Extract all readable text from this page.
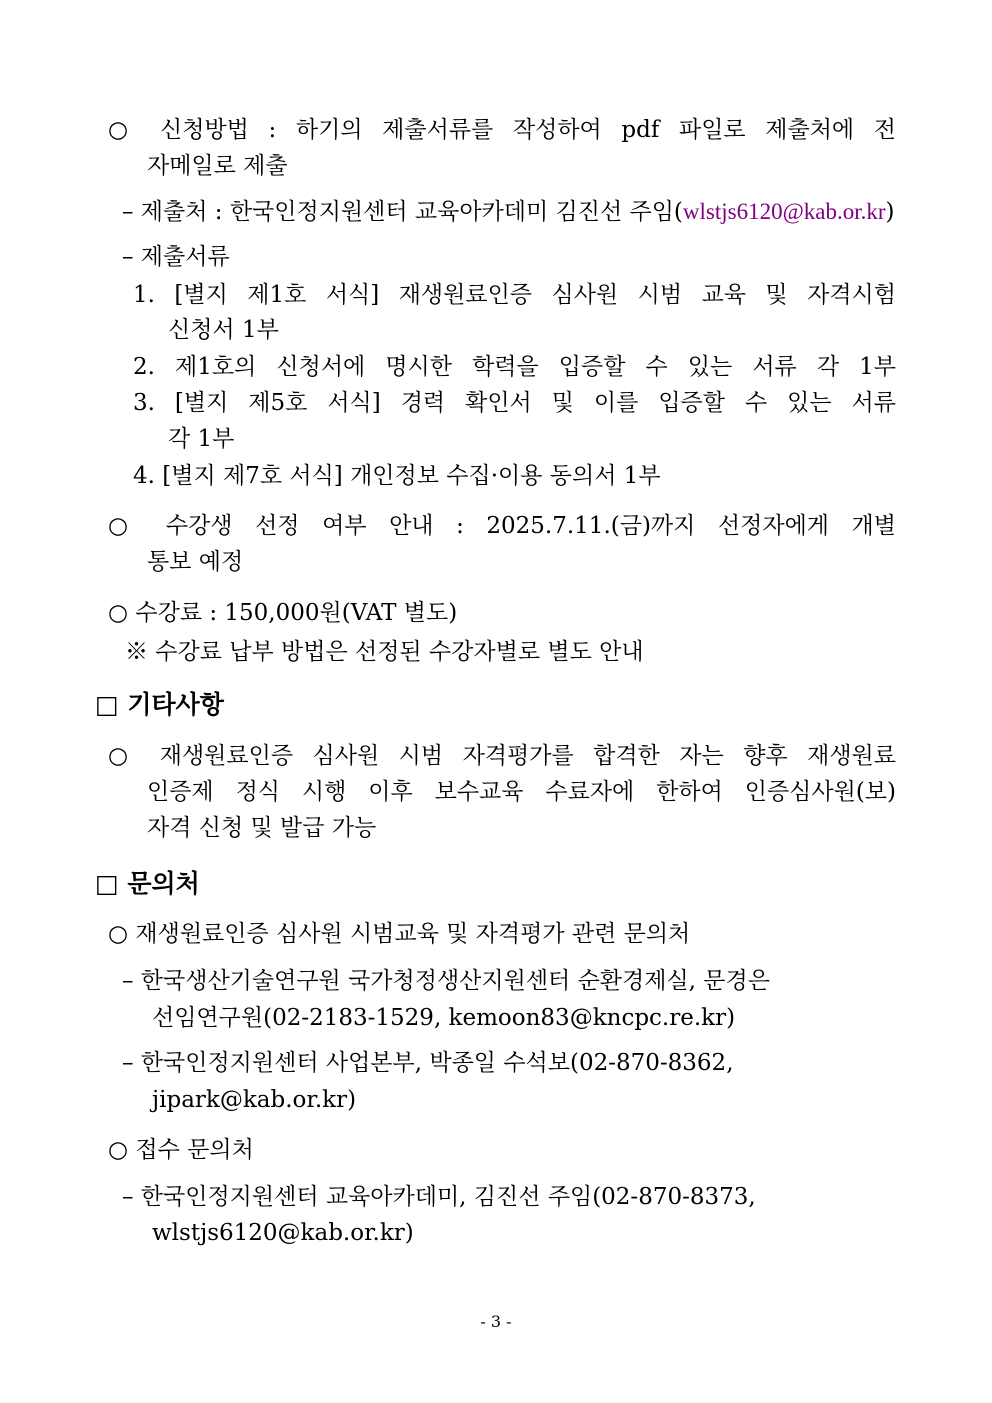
○ 신청방법 : 하기의 제출서류를 작성하여 pdf 파일로 제출처에 전
자메일로 제출
– 제출처 : 한국인정지원센터 교육아카데미 김진선 주임(wlstjs6120@kab.or.kr)
– 제출서류
1. [별지 제1호 서식] 재생원료인증 심사원 시범 교육 및 자격시험
신청서 1부
2. 제1호의 신청서에 명시한 학력을 입증할 수 있는 서류 각 1부
3. [별지 제5호 서식] 경력 확인서 및 이를 입증할 수 있는 서류
각 1부
4. [별지 제7호 서식] 개인정보 수집·이용 동의서 1부
○ 수강생 선정 여부 안내 : 2025.7.11.(금)까지 선정자에게 개별
통보 예정
○ 수강료 : 150,000원(VAT 별도)
※ 수강료 납부 방법은 선정된 수강자별로 별도 안내
□ 기타사항
○ 재생원료인증 심사원 시범 자격평가를 합격한 자는 향후 재생원료
인증제 정식 시행 이후 보수교육 수료자에 한하여 인증심사원(보)
자격 신청 및 발급 가능
□ 문의처
○ 재생원료인증 심사원 시범교육 및 자격평가 관련 문의처
– 한국생산기술연구원 국가청정생산지원센터 순환경제실, 문경은
선임연구원(02-2183-1529, kemoon83@kncpc.re.kr)
– 한국인정지원센터 사업본부, 박종일 수석보(02-870-8362,
jipark@kab.or.kr)
○ 접수 문의처
– 한국인정지원센터 교육아카데미, 김진선 주임(02-870-8373,
wlstjs6120@kab.or.kr)
- 3 -
